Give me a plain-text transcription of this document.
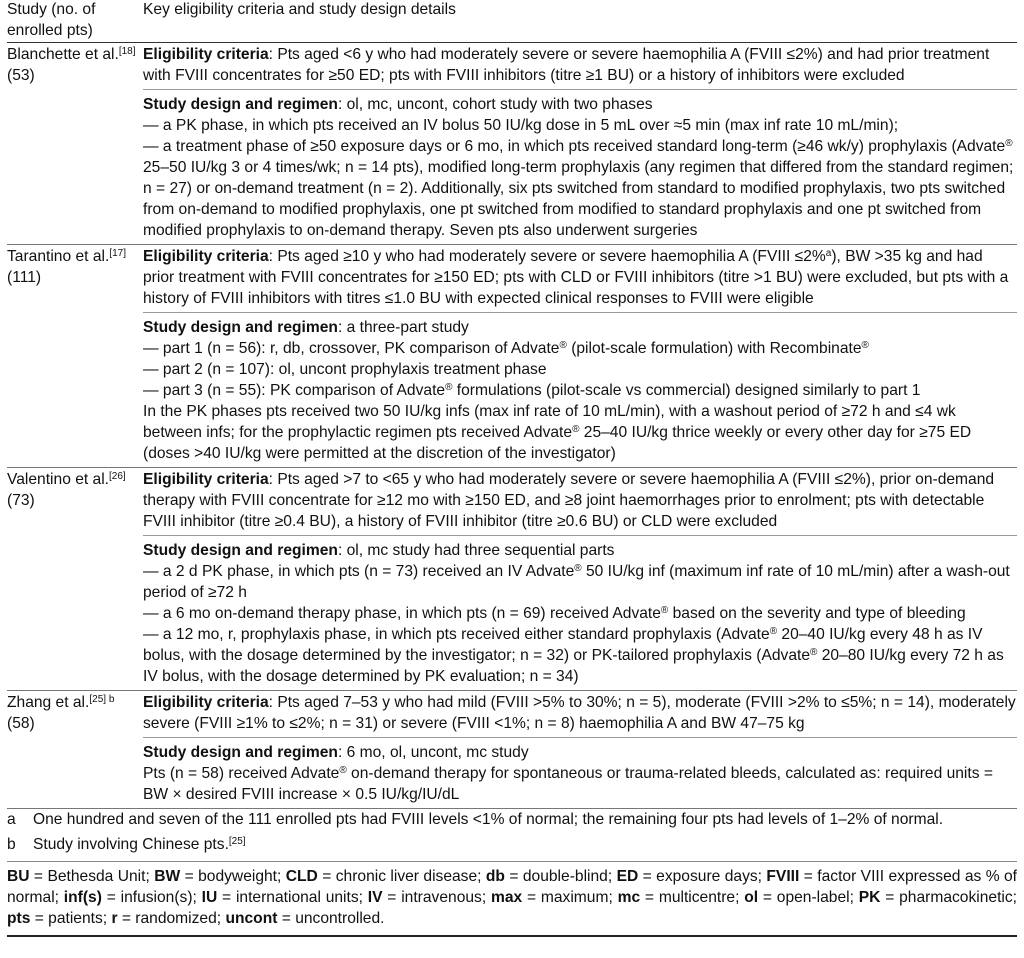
Study (no. of enrolled pts)
Key eligibility criteria and study design details
Blanchette et al.[18] (53)
Eligibility criteria: Pts aged <6 y who had moderately severe or severe haemophilia A (FVIII ≤2%) and had prior treatment with FVIII concentrates for ≥50 ED; pts with FVIII inhibitors (titre ≥1 BU) or a history of inhibitors were excluded
Study design and regimen: ol, mc, uncont, cohort study with two phases
— a PK phase, in which pts received an IV bolus 50 IU/kg dose in 5 mL over ≈5 min (max inf rate 10 mL/min);
— a treatment phase of ≥50 exposure days or 6 mo, in which pts received standard long-term (≥46 wk/y) prophylaxis (Advate® 25–50 IU/kg 3 or 4 times/wk; n = 14 pts), modified long-term prophylaxis (any regimen that differed from the standard regimen; n = 27) or on-demand treatment (n = 2). Additionally, six pts switched from standard to modified prophylaxis, two pts switched from on-demand to modified prophylaxis, one pt switched from modified to standard prophylaxis and one pt switched from modified prophylaxis to on-demand therapy. Seven pts also underwent surgeries
Tarantino et al.[17] (111)
Eligibility criteria: Pts aged ≥10 y who had moderately severe or severe haemophilia A (FVIII ≤2%$^a$), BW >35 kg and had prior treatment with FVIII concentrates for ≥150 ED; pts with CLD or FVIII inhibitors (titre >1 BU) were excluded, but pts with a history of FVIII inhibitors with titres ≤1.0 BU with expected clinical responses to FVIII were eligible
Study design and regimen: a three-part study
— part 1 (n = 56): r, db, crossover, PK comparison of Advate® (pilot-scale formulation) with Recombinate®
— part 2 (n = 107): ol, uncont prophylaxis treatment phase
— part 3 (n = 55): PK comparison of Advate® formulations (pilot-scale vs commercial) designed similarly to part 1
In the PK phases pts received two 50 IU/kg infs (max inf rate of 10 mL/min), with a washout period of ≥72 h and ≤4 wk between infs; for the prophylactic regimen pts received Advate® 25–40 IU/kg thrice weekly or every other day for ≥75 ED (doses >40 IU/kg were permitted at the discretion of the investigator)
Valentino et al.[26] (73)
Eligibility criteria: Pts aged >7 to <65 y who had moderately severe or severe haemophilia A (FVIII ≤2%), prior on-demand therapy with FVIII concentrate for ≥12 mo with ≥150 ED, and ≥8 joint haemorrhages prior to enrolment; pts with detectable FVIII inhibitor (titre ≥0.4 BU), a history of FVIII inhibitor (titre ≥0.6 BU) or CLD were excluded
Study design and regimen: ol, mc study had three sequential parts
— a 2 d PK phase, in which pts (n = 73) received an IV Advate® 50 IU/kg inf (maximum inf rate of 10 mL/min) after a wash-out period of ≥72 h
— a 6 mo on-demand therapy phase, in which pts (n = 69) received Advate® based on the severity and type of bleeding
— a 12 mo, r, prophylaxis phase, in which pts received either standard prophylaxis (Advate® 20–40 IU/kg every 48 h as IV bolus, with the dosage determined by the investigator; n = 32) or PK-tailored prophylaxis (Advate® 20–80 IU/kg every 72 h as IV bolus, with the dosage determined by PK evaluation; n = 34)
Zhang et al.$^{[25] b}$ (58)
Eligibility criteria: Pts aged 7–53 y who had mild (FVIII >5% to 30%; n = 5), moderate (FVIII >2% to ≤5%; n = 14), moderately severe (FVIII ≥1% to ≤2%; n = 31) or severe (FVIII <1%; n = 8) haemophilia A and BW 47–75 kg
Study design and regimen: 6 mo, ol, uncont, mc study
Pts (n = 58) received Advate® on-demand therapy for spontaneous or trauma-related bleeds, calculated as: required units = BW × desired FVIII increase × 0.5 IU/kg/IU/dL
a	One hundred and seven of the 111 enrolled pts had FVIII levels <1% of normal; the remaining four pts had levels of 1–2% of normal.
b	Study involving Chinese pts.[25]
BU = Bethesda Unit; BW = bodyweight; CLD = chronic liver disease; db = double-blind; ED = exposure days; FVIII = factor VIII expressed as % of normal; inf(s) = infusion(s); IU = international units; IV = intravenous; max = maximum; mc = multicentre; ol = open-label; PK = pharmacokinetic; pts = patients; r = randomized; uncont = uncontrolled.
